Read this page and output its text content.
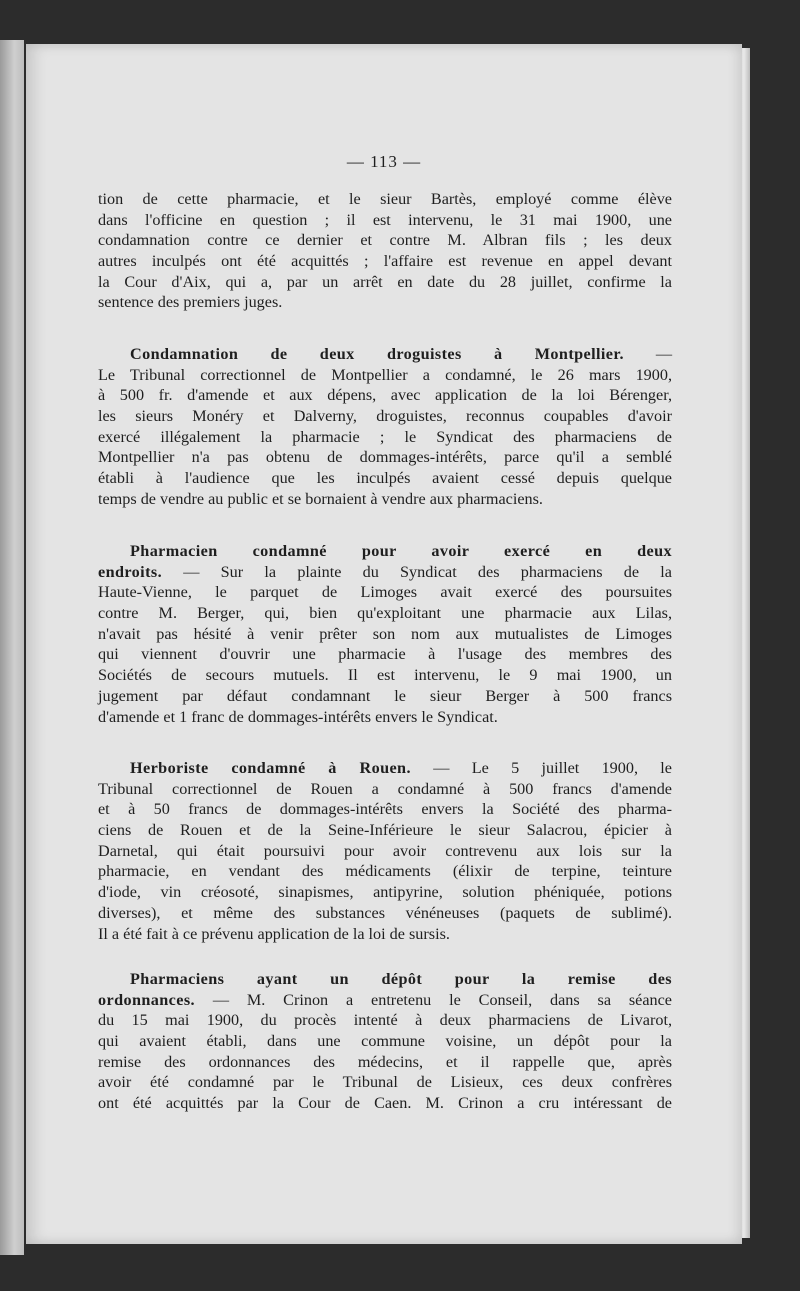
— 113 —
tion de cette pharmacie, et le sieur Bartès, employé comme élève
dans l'officine en question ; il est intervenu, le 31 mai 1900, une
condamnation contre ce dernier et contre M. Albran fils ; les deux
autres inculpés ont été acquittés ; l'affaire est revenue en appel devant
la Cour d'Aix, qui a, par un arrêt en date du 28 juillet, confirme la
sentence des premiers juges.
Condamnation de deux droguistes à Montpellier. —
Le Tribunal correctionnel de Montpellier a condamné, le 26 mars 1900,
à 500 fr. d'amende et aux dépens, avec application de la loi Bérenger,
les sieurs Monéry et Dalverny, droguistes, reconnus coupables d'avoir
exercé illégalement la pharmacie ; le Syndicat des pharmaciens de
Montpellier n'a pas obtenu de dommages-intérêts, parce qu'il a semblé
établi à l'audience que les inculpés avaient cessé depuis quelque
temps de vendre au public et se bornaient à vendre aux pharmaciens.
Pharmacien condamné pour avoir exercé en deux
endroits. — Sur la plainte du Syndicat des pharmaciens de la
Haute-Vienne, le parquet de Limoges avait exercé des poursuites
contre M. Berger, qui, bien qu'exploitant une pharmacie aux Lilas,
n'avait pas hésité à venir prêter son nom aux mutualistes de Limoges
qui viennent d'ouvrir une pharmacie à l'usage des membres des
Sociétés de secours mutuels. Il est intervenu, le 9 mai 1900, un
jugement par défaut condamnant le sieur Berger à 500 francs
d'amende et 1 franc de dommages-intérêts envers le Syndicat.
Herboriste condamné à Rouen. — Le 5 juillet 1900, le
Tribunal correctionnel de Rouen a condamné à 500 francs d'amende
et à 50 francs de dommages-intérêts envers la Société des pharma-
ciens de Rouen et de la Seine-Inférieure le sieur Salacrou, épicier à
Darnetal, qui était poursuivi pour avoir contrevenu aux lois sur la
pharmacie, en vendant des médicaments (élixir de terpine, teinture
d'iode, vin créosoté, sinapismes, antipyrine, solution phéniquée, potions
diverses), et même des substances vénéneuses (paquets de sublimé).
Il a été fait à ce prévenu application de la loi de sursis.
Pharmaciens ayant un dépôt pour la remise des
ordonnances. — M. Crinon a entretenu le Conseil, dans sa séance
du 15 mai 1900, du procès intenté à deux pharmaciens de Livarot,
qui avaient établi, dans une commune voisine, un dépôt pour la
remise des ordonnances des médecins, et il rappelle que, après
avoir été condamné par le Tribunal de Lisieux, ces deux confrères
ont été acquittés par la Cour de Caen. M. Crinon a cru intéressant de
